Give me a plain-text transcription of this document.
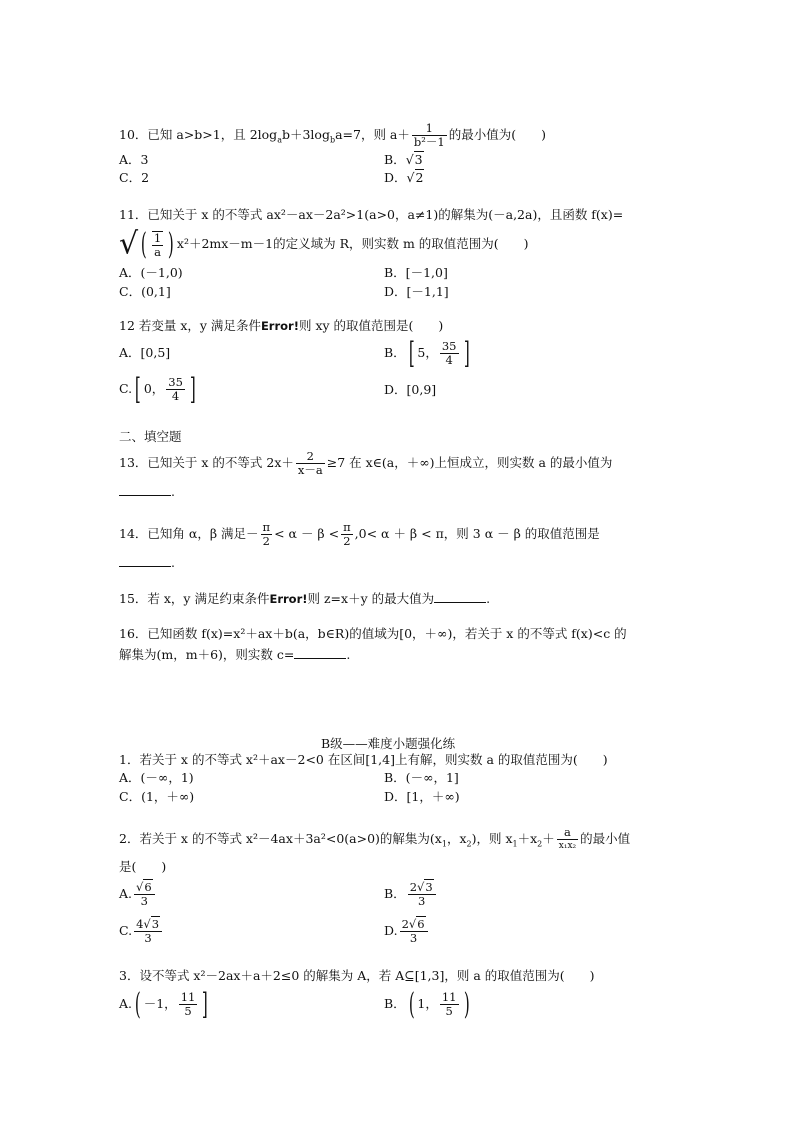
10．已知 a>b>1，且 $2\log_ab+3\log_ba=7$，则 $a+ \frac{1}{\text{b²－1}}$ 的最小值为(　　)
A．3	B．√3
C．2	D．√2
11．已知关于 x 的不等式 ax²－ax－2a²>1(a>0，a≠1)的解集为(－a,2a)，且函数 f(x)=
√( $\frac{1}{a}$ ) x²＋2mx－m－1的定义域为 R，则实数 m 的取值范围为(　　)
A．(－1,0)	B．[－1,0]
C．(0,1]	D．[－1,1]
12 若变量 x，y 满足条件Error!则 xy 的取值范围是(　　)
A．[0,5]	B．[ 5， $\frac{35}{4}$ ]
C.[ 0， $\frac{35}{4}$ ]	D．[0,9]
二、填空题
13．已知关于 x 的不等式 $2x+ \frac{2}{x-a} \ge 7$ 在 x∈(a，＋∞)上恒成立，则实数 a 的最小值为
.
14．已知角 α，β 满足－ $\frac{\pi}{2} < \alpha - \beta < \frac{\pi}{2} ,0< \alpha + \beta < \pi$，则 3 α － β 的取值范围是
.
15．若 x，y 满足约束条件Error!则 z=x＋y 的最大值为	.
16．已知函数 f(x)=x²＋ax＋b(a，b∈R)的值域为[0，＋∞)，若关于 x 的不等式 f(x)<c 的
解集为(m，m＋6)，则实数 c=	.
B级——难度小题强化练
1．若关于 x 的不等式 x²＋ax－2<0 在区间[1,4]上有解，则实数 a 的取值范围为(　　)
A．(－∞，1)	B．(－∞，1]
C．(1，＋∞)	D．[1，＋∞)
2．若关于 x 的不等式 x²－4ax＋3a²<0(a>0)的解集为($x_1$，$x_2$)，则 $x_1+x_2+ \frac{a}{\text{x₁x₂}}$ 的最小值
是(　　)
A. $\frac{√6}{3}$	B． $\frac{2√3}{3}$
C. $\frac{4√3}{3}$	D. $\frac{2√6}{3}$
3．设不等式 x²－2ax＋a＋2≤0 的解集为 A，若 A⊆[1,3]，则 a 的取值范围为(　　)
A.( －1， $\frac{11}{5}$ ]	B．( 1， $\frac{11}{5}$ )
